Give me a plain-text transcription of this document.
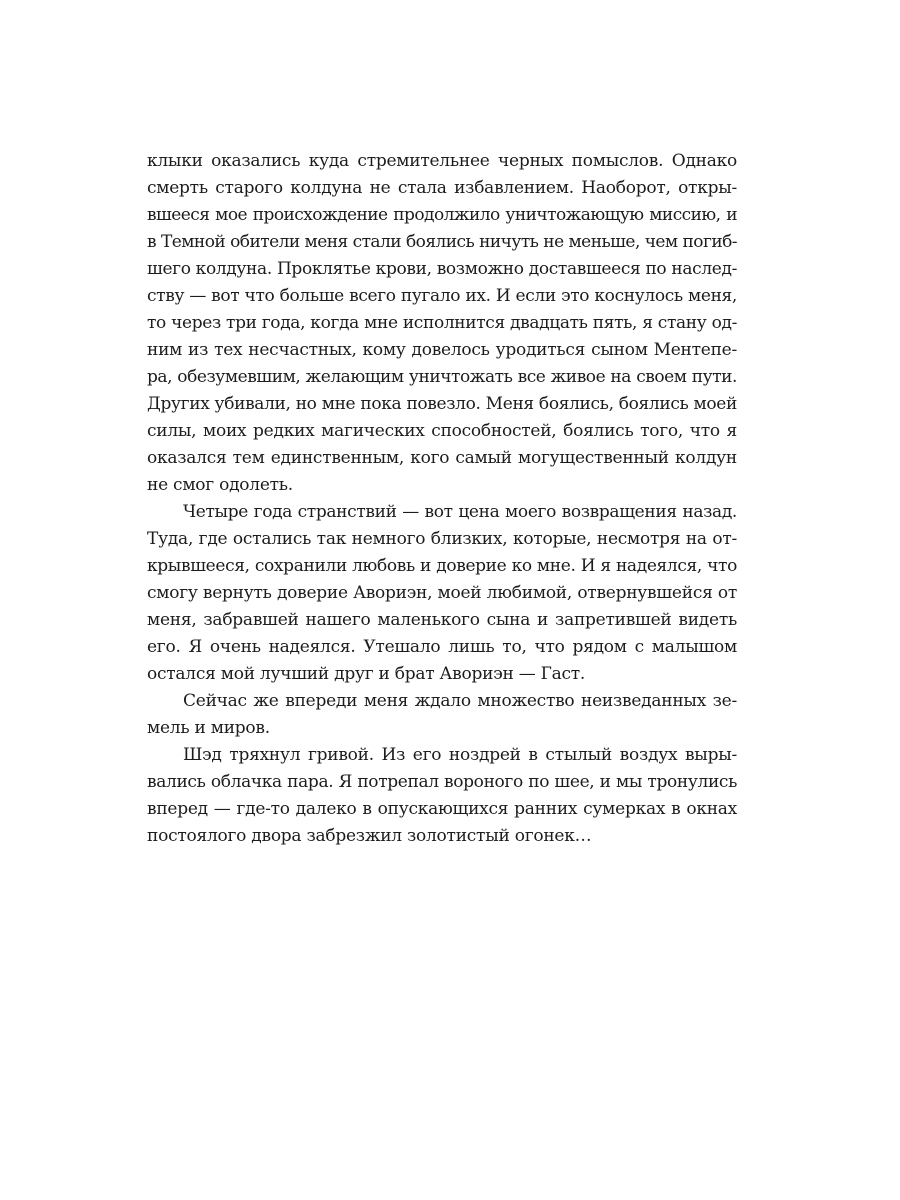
клыки оказались куда стремительнее черных помыслов. Однако
смерть старого колдуна не стала избавлением. Наоборот, откры-
вшееся мое происхождение продолжило уничтожающую миссию, и
в Темной обители меня стали боялись ничуть не меньше, чем погиб-
шего колдуна. Проклятье крови, возможно доставшееся по наслед-
ству — вот что больше всего пугало их. И если это коснулось меня,
то через три года, когда мне исполнится двадцать пять, я стану од-
ним из тех несчастных, кому довелось уродиться сыном Ментепе-
ра, обезумевшим, желающим уничтожать все живое на своем пути.
Других убивали, но мне пока повезло. Меня боялись, боялись моей
силы, моих редких магических способностей, боялись того, что я
оказался тем единственным, кого самый могущественный колдун
не смог одолеть.
Четыре года странствий — вот цена моего возвращения назад.
Туда, где остались так немного близких, которые, несмотря на от-
крывшееся, сохранили любовь и доверие ко мне. И я надеялся, что
смогу вернуть доверие Авориэн, моей любимой, отвернувшейся от
меня, забравшей нашего маленького сына и запретившей видеть
его. Я очень надеялся. Утешало лишь то, что рядом с малышом
остался мой лучший друг и брат Авориэн — Гаст.
Сейчас же впереди меня ждало множество неизведанных зе-
мель и миров.
Шэд тряхнул гривой. Из его ноздрей в стылый воздух выры-
вались облачка пара. Я потрепал вороного по шее, и мы тронулись
вперед — где-то далеко в опускающихся ранних сумерках в окнах
постоялого двора забрезжил золотистый огонек…
